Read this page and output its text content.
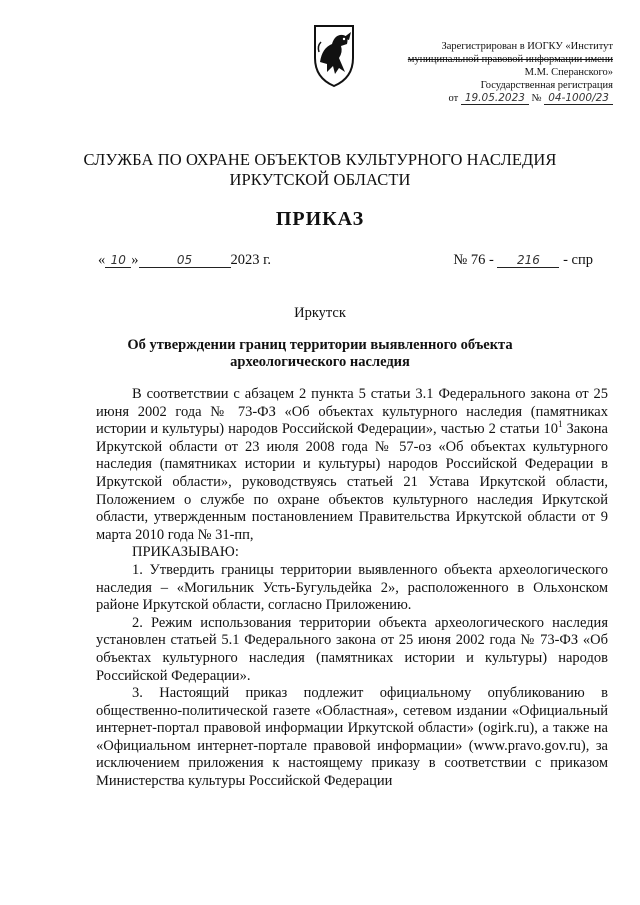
Зарегистрирован в ИОГКУ «Институт
муниципальной правовой информации имени
М.М. Сперанского»
Государственная регистрация
от 19.05.2023 № 04-1000/23
СЛУЖБА ПО ОХРАНЕ ОБЪЕКТОВ КУЛЬТУРНОГО НАСЛЕДИЯ
ИРКУТСКОЙ ОБЛАСТИ
ПРИКАЗ
« 10 »	05	2023 г.	№ 76 - 216 - спр
Иркутск
Об утверждении границ территории выявленного объекта
археологического наследия

В соответствии с абзацем 2 пункта 5 статьи 3.1 Федерального закона от 25 июня 2002 года № 73-ФЗ «Об объектах культурного наследия (памятниках истории и культуры) народов Российской Федерации», частью 2 статьи $10^1$ Закона Иркутской области от 23 июля 2008 года № 57-оз «Об объектах культурного наследия (памятниках истории и культуры) народов Российской Федерации в Иркутской области», руководствуясь статьей 21 Устава Иркутской области, Положением о службе по охране объектов культурного наследия Иркутской области, утвержденным постановлением Правительства Иркутской области от 9 марта 2010 года № 31-пп,

ПРИКАЗЫВАЮ:

1. Утвердить границы территории выявленного объекта археологического наследия – «Могильник Усть-Бугульдейка 2», расположенного в Ольхонском районе Иркутской области, согласно Приложению.

2. Режим использования территории объекта археологического наследия установлен статьей 5.1 Федерального закона от 25 июня 2002 года № 73-ФЗ «Об объектах культурного наследия (памятниках истории и культуры) народов Российской Федерации».

3. Настоящий приказ подлежит официальному опубликованию в общественно-политической газете «Областная», сетевом издании «Официальный интернет-портал правовой информации Иркутской области» (ogirk.ru), а также на «Официальном интернет-портале правовой информации» (www.pravo.gov.ru), за исключением приложения к настоящему приказу в соответствии с приказом Министерства культуры Российской Федерации
